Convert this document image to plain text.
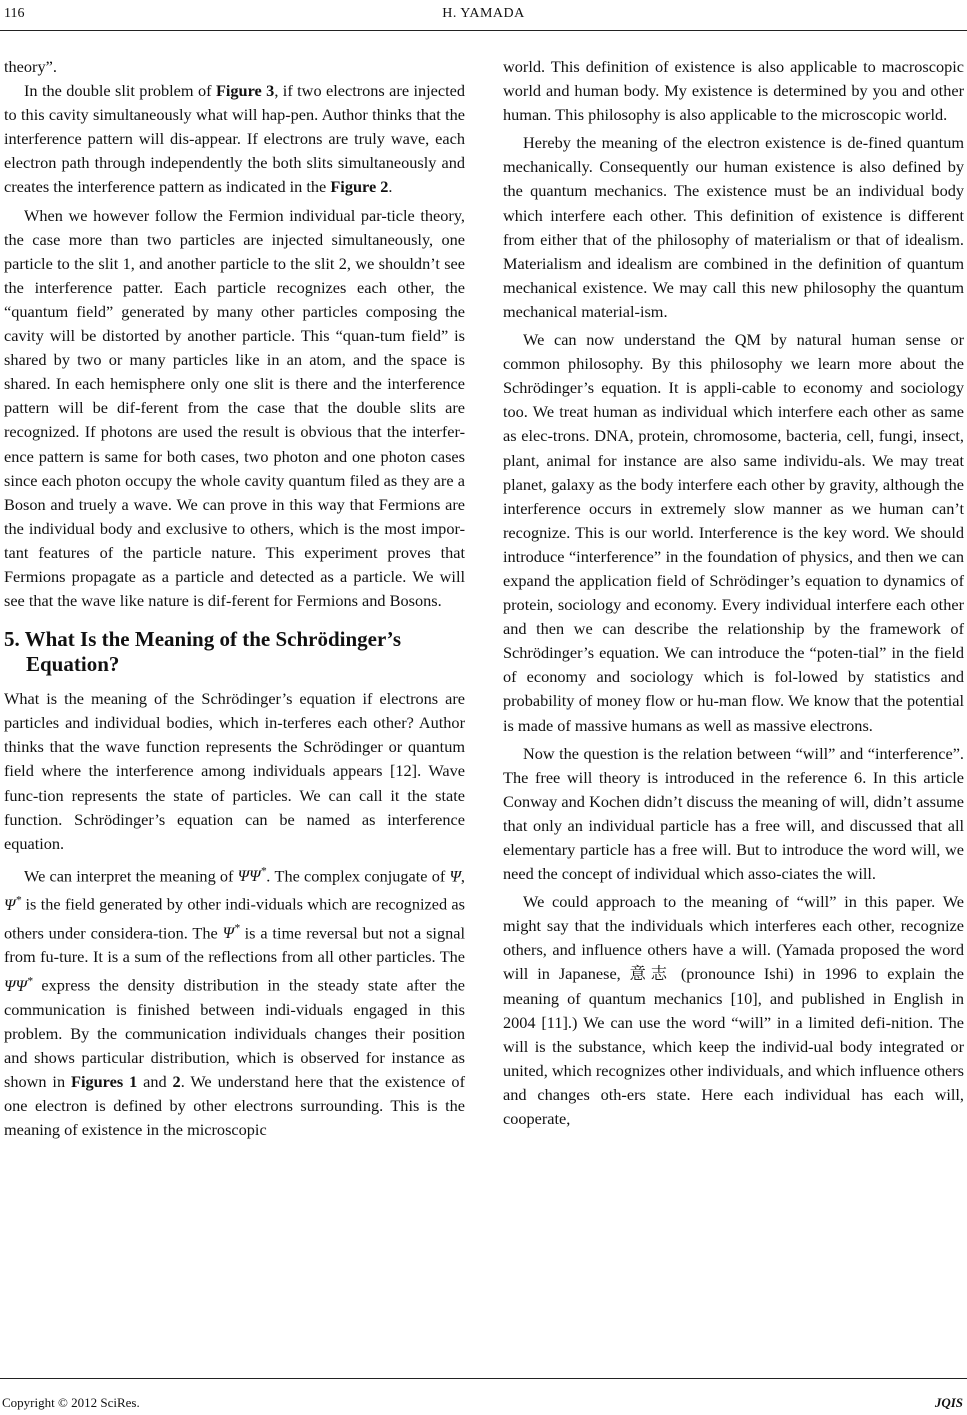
116	H. YAMADA

theory”.

In the double slit problem of Figure 3, if two electrons are injected to this cavity simultaneously what will hap-pen. Author thinks that the interference pattern will dis-appear. If electrons are truly wave, each electron path through independently the both slits simultaneously and creates the interference pattern as indicated in the Figure 2.

When we however follow the Fermion individual par-ticle theory, the case more than two particles are injected simultaneously, one particle to the slit 1, and another particle to the slit 2, we shouldn’t see the interference patter. Each particle recognizes each other, the “quantum field” generated by many other particles composing the cavity will be distorted by another particle. This “quan-tum field” is shared by two or many particles like in an atom, and the space is shared. In each hemisphere only one slit is there and the interference pattern will be dif-ferent from the case that the double slits are recognized. If photons are used the result is obvious that the interfer-ence pattern is same for both cases, two photon and one photon cases since each photon occupy the whole cavity quantum filed as they are a Boson and truely a wave. We can prove in this way that Fermions are the individual body and exclusive to others, which is the most impor-tant features of the particle nature. This experiment proves that Fermions propagate as a particle and detected as a particle. We will see that the wave like nature is dif-ferent for Fermions and Bosons.

5. What Is the Meaning of the Schrödinger’s Equation?

What is the meaning of the Schrödinger’s equation if electrons are particles and individual bodies, which in-terferes each other? Author thinks that the wave function represents the Schrödinger or quantum field where the interference among individuals appears [12]. Wave func-tion represents the state of particles. We can call it the state function. Schrödinger’s equation can be named as interference equation.

We can interpret the meaning of ΨΨ*. The complex conjugate of Ψ, Ψ* is the field generated by other indi-viduals which are recognized as others under considera-tion. The Ψ* is a time reversal but not a signal from fu-ture. It is a sum of the reflections from all other particles. The ΨΨ* express the density distribution in the steady state after the communication is finished between indi-viduals engaged in this problem. By the communication individuals changes their position and shows particular distribution, which is observed for instance as shown in Figures 1 and 2. We understand here that the existence of one electron is defined by other electrons surrounding. This is the meaning of existence in the microscopic

world. This definition of existence is also applicable to macroscopic world and human body. My existence is determined by you and other human. This philosophy is also applicable to the microscopic world.

Hereby the meaning of the electron existence is de-fined quantum mechanically. Consequently our human existence is also defined by the quantum mechanics. The existence must be an individual body which interfere each other. This definition of existence is different from either that of the philosophy of materialism or that of idealism. Materialism and idealism are combined in the definition of quantum mechanical existence. We may call this new philosophy the quantum mechanical material-ism.

We can now understand the QM by natural human sense or common philosophy. By this philosophy we learn more about the Schrödinger’s equation. It is appli-cable to economy and sociology too. We treat human as individual which interfere each other as same as elec-trons. DNA, protein, chromosome, bacteria, cell, fungi, insect, plant, animal for instance are also same individu-als. We may treat planet, galaxy as the body interfere each other by gravity, although the interference occurs in extremely slow manner as we human can’t recognize. This is our world. Interference is the key word. We should introduce “interference” in the foundation of physics, and then we can expand the application field of Schrödinger’s equation to dynamics of protein, sociology and economy. Every individual interfere each other and then we can describe the relationship by the framework of Schrödinger’s equation. We can introduce the “poten-tial” in the field of economy and sociology which is fol-lowed by statistics and probability of money flow or hu-man flow. We know that the potential is made of massive humans as well as massive electrons.

Now the question is the relation between “will” and “interference”. The free will theory is introduced in the reference 6. In this article Conway and Kochen didn’t discuss the meaning of will, didn’t assume that only an individual particle has a free will, and discussed that all elementary particle has a free will. But to introduce the word will, we need the concept of individual which asso-ciates the will.

We could approach to the meaning of “will” in this paper. We might say that the individuals which interferes each other, recognize others, and influence others have a will. (Yamada proposed the word will in Japanese, 意志 (pronounce Ishi) in 1996 to explain the meaning of quantum mechanics [10], and published in English in 2004 [11].) We can use the word “will” in a limited defi-nition. The will is the substance, which keep the individ-ual body integrated or united, which recognizes other individuals, and which influence others and changes oth-ers state. Here each individual has each will, cooperate,

Copyright © 2012 SciRes.	JQIS
